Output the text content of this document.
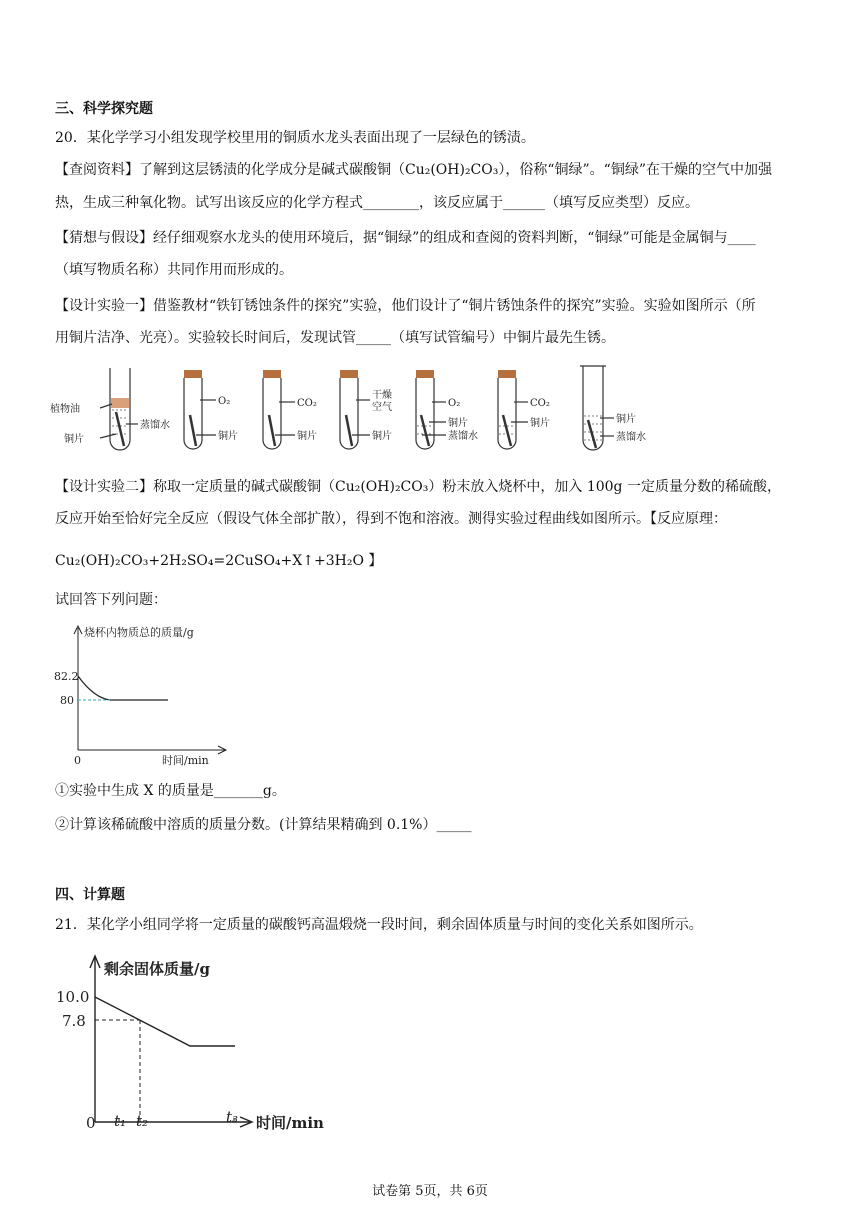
三、科学探究题
20．某化学学习小组发现学校里用的铜质水龙头表面出现了一层绿色的锈渍。
【查阅资料】了解到这层锈渍的化学成分是碱式碳酸铜（Cu₂(OH)₂CO₃），俗称“铜绿”。“铜绿”在干燥的空气中加强
热，生成三种氧化物。试写出该反应的化学方程式________，该反应属于______（填写反应类型）反应。
【猜想与假设】经仔细观察水龙头的使用环境后，据“铜绿”的组成和查阅的资料判断，“铜绿”可能是金属铜与____
（填写物质名称）共同作用而形成的。
【设计实验一】借鉴教材“铁钉锈蚀条件的探究”实验，他们设计了“铜片锈蚀条件的探究”实验。实验如图所示（所
用铜片洁净、光亮）。实验较长时间后，发现试管_____（填写试管编号）中铜片最先生锈。
植物油
铜片
蒸馏水
O₂
铜片
CO₂
铜片
干燥
空气
铜片
O₂
铜片
蒸馏水
CO₂
铜片	铜片
蒸馏水
【设计实验二】称取一定质量的碱式碳酸铜（Cu₂(OH)₂CO₃）粉末放入烧杯中，加入 100g 一定质量分数的稀硫酸，
反应开始至恰好完全反应（假设气体全部扩散），得到不饱和溶液。测得实验过程曲线如图所示。【反应原理：
Cu₂(OH)₂CO₃+2H₂SO₄=2CuSO₄+X↑+3H₂O 】
试回答下列问题：
烧杯内物质总的质量/g
82.2
80
0	时间/min
①实验中生成 X 的质量是_______g。
②计算该稀硫酸中溶质的质量分数。(计算结果精确到 0.1%）_____
四、计算题
21．某化学小组同学将一定质量的碳酸钙高温煅烧一段时间，剩余固体质量与时间的变化关系如图所示。
剩余固体质量/g
10.0
7.8
0 t₁ t₂	t₃ 时间/min
试卷第 5页，共 6页
